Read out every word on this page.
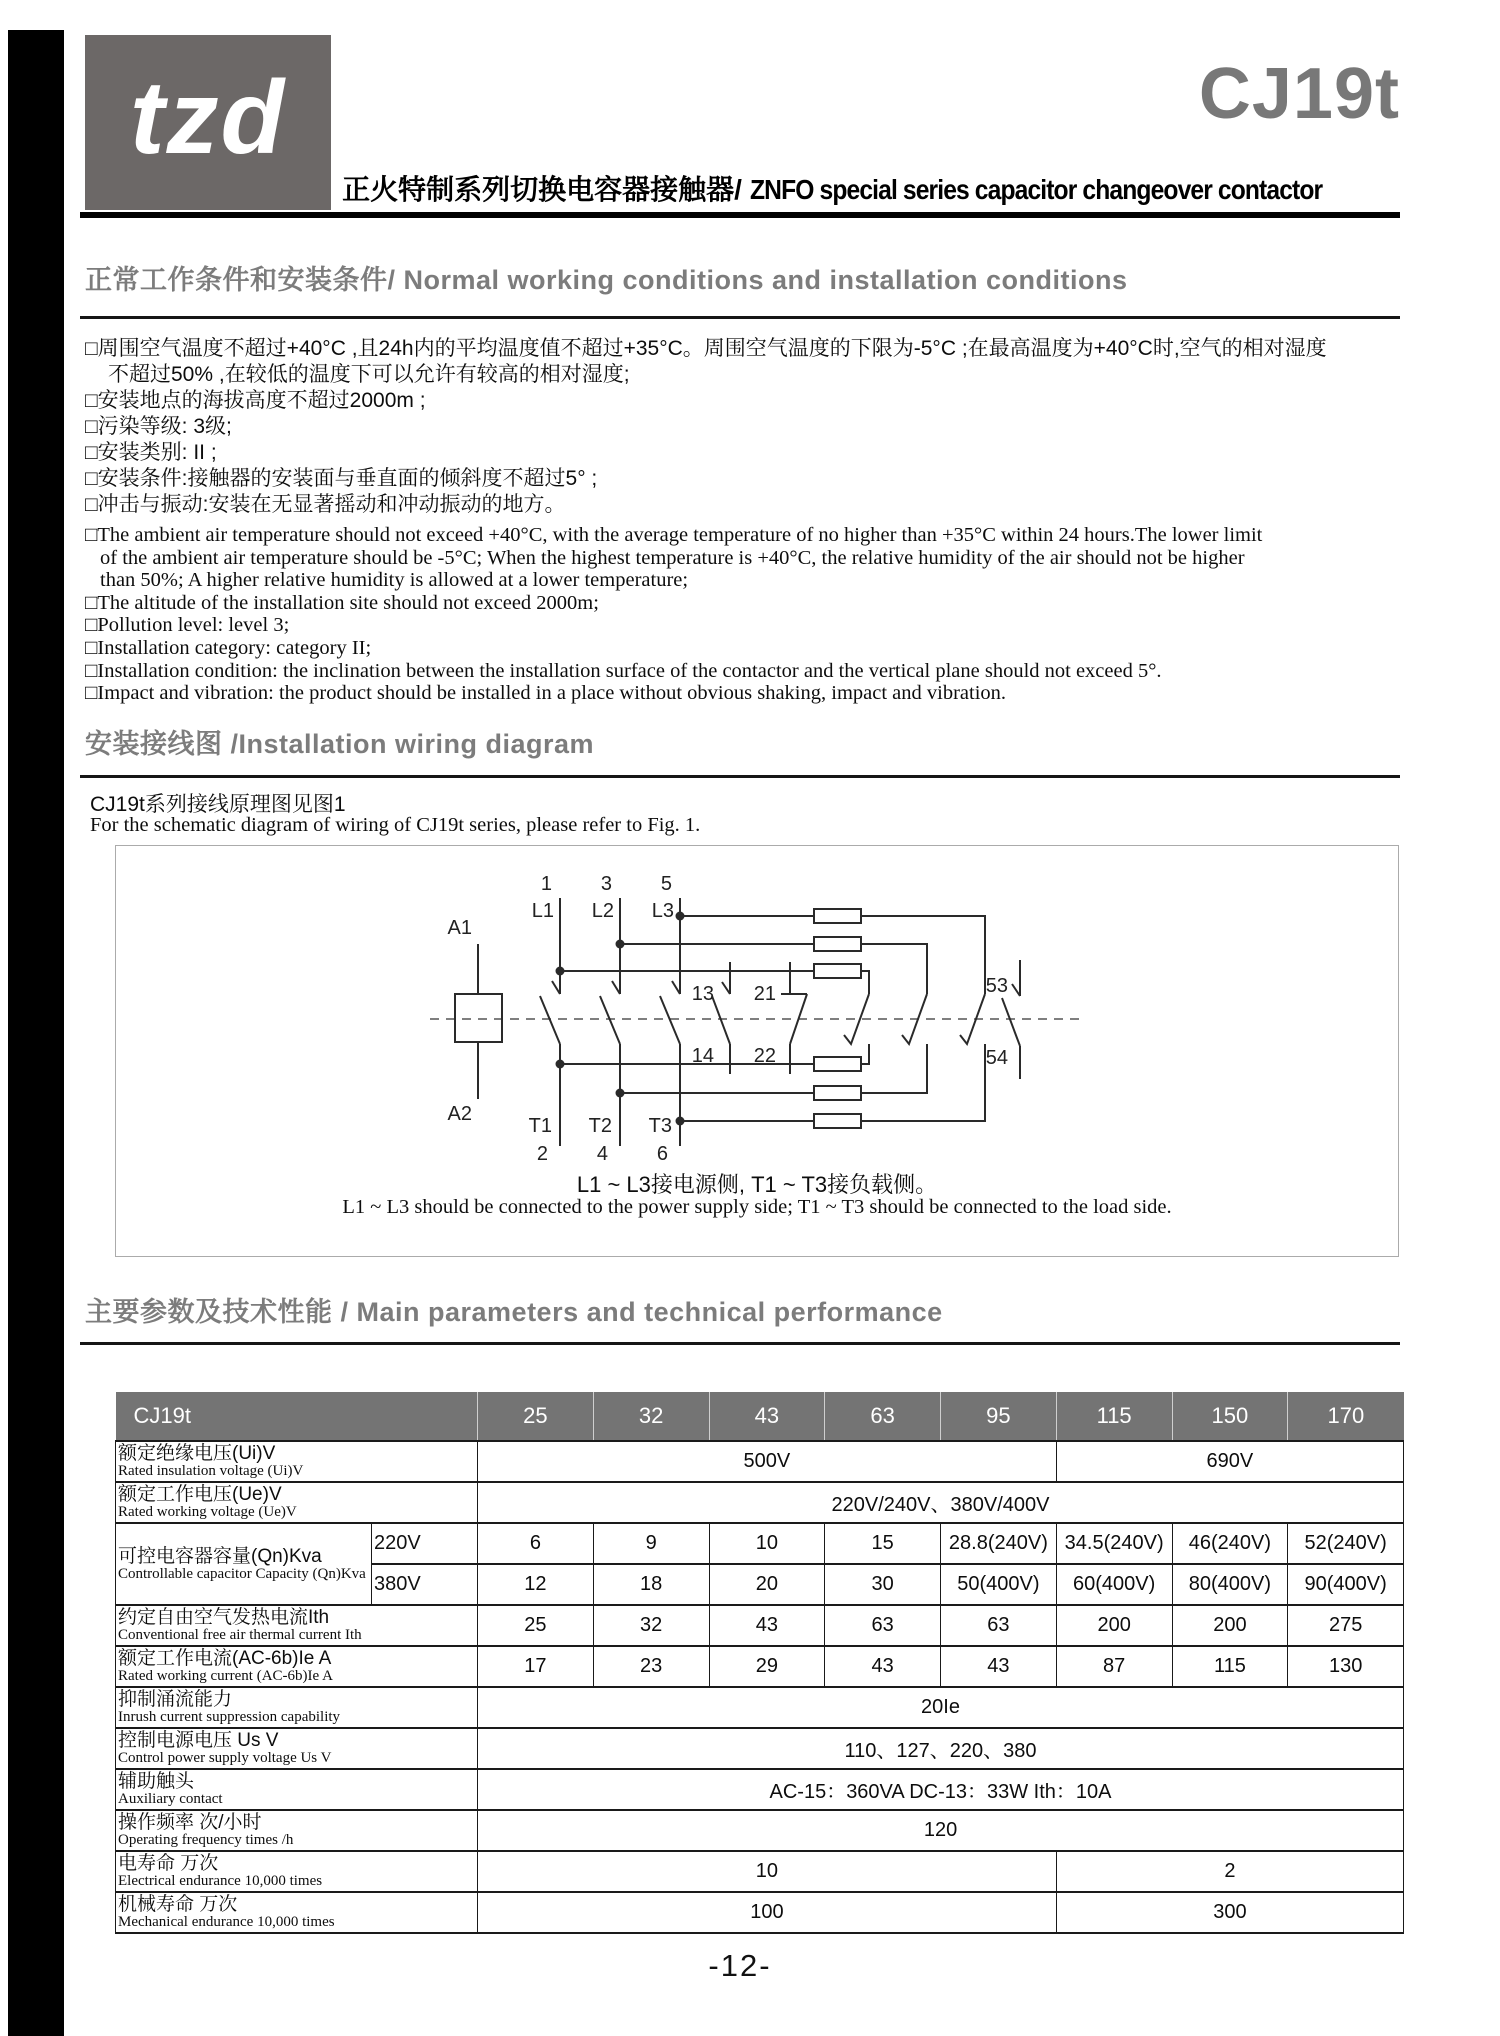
tzd	CJ19t
正火特制系列切换电容器接触器/ ZNFO special series capacitor changeover contactor
正常工作条件和安装条件/ Normal working conditions and installation conditions
□周围空气温度不超过+40°C ,且24h内的平均温度值不超过+35°C。周围空气温度的下限为-5°C ;在最高温度为+40°C时,空气的相对湿度
不超过50% ,在较低的温度下可以允许有较高的相对湿度;
□安装地点的海拔高度不超过2000m ;
□污染等级: 3级;
□安装类别: II ;
□安装条件:接触器的安装面与垂直面的倾斜度不超过5° ;
□冲击与振动:安装在无显著摇动和冲动振动的地方。
□The ambient air temperature should not exceed +40°C, with the average temperature of no higher than +35°C within 24 hours.The lower limit
of the ambient air temperature should be -5°C; When the highest temperature is +40°C, the relative humidity of the air should not be higher
than 50%; A higher relative humidity is allowed at a lower temperature;
□The altitude of the installation site should not exceed 2000m;
□Pollution level: level 3;
□Installation category: category II;
□Installation condition: the inclination between the installation surface of the contactor and the vertical plane should not exceed 5°.
□Impact and vibration: the product should be installed in a place without obvious shaking, impact and vibration.
安装接线图 /Installation wiring diagram
CJ19t系列接线原理图见图1
For the schematic diagram of wiring of CJ19t series, please refer to Fig. 1.
A1
A2
1
L1
T1
2
3
L2
T2
4
5
L3
T3
6
13
14
21
22
53
54
L1 ~ L3接电源侧, T1 ~ T3接负载侧。
L1 ~ L3 should be connected to the power supply side; T1 ~ T3 should be connected to the load side.
主要参数及技术性能 / Main parameters and technical performance
CJ19t		25	32	43	63	95	115	150	170

额定绝缘电压(Ui)V
Rated insulation voltage (Ui)V		500V					690V		

额定工作电压(Ue)V
Rated working voltage (Ue)V		220V/240V、380V/400V							

可控电容器容量(Qn)Kva
Controllable capacitor Capacity (Qn)Kva	220V	6	9	10	15	28.8(240V)	34.5(240V)	46(240V)	52(240V)
	380V	12	18	20	30	50(400V)	60(400V)	80(400V)	90(400V)

约定自由空气发热电流Ith
Conventional free air thermal current Ith		25	32	43	63	63	200	200	275

额定工作电流(AC-6b)Ie A
Rated working current (AC-6b)Ie A		17	23	29	43	43	87	115	130

抑制涌流能力
Inrush current suppression capability		20Ie							

控制电源电压 Us V
Control power supply voltage Us V		110、127、220、380							

辅助触头
Auxiliary contact		AC-15：360VA DC-13：33W Ith：10A							

操作频率 次/小时
Operating frequency times /h		120							

电寿命 万次
Electrical endurance 10,000 times		10					2		

机械寿命 万次
Mechanical endurance 10,000 times		100					300		
-12-
